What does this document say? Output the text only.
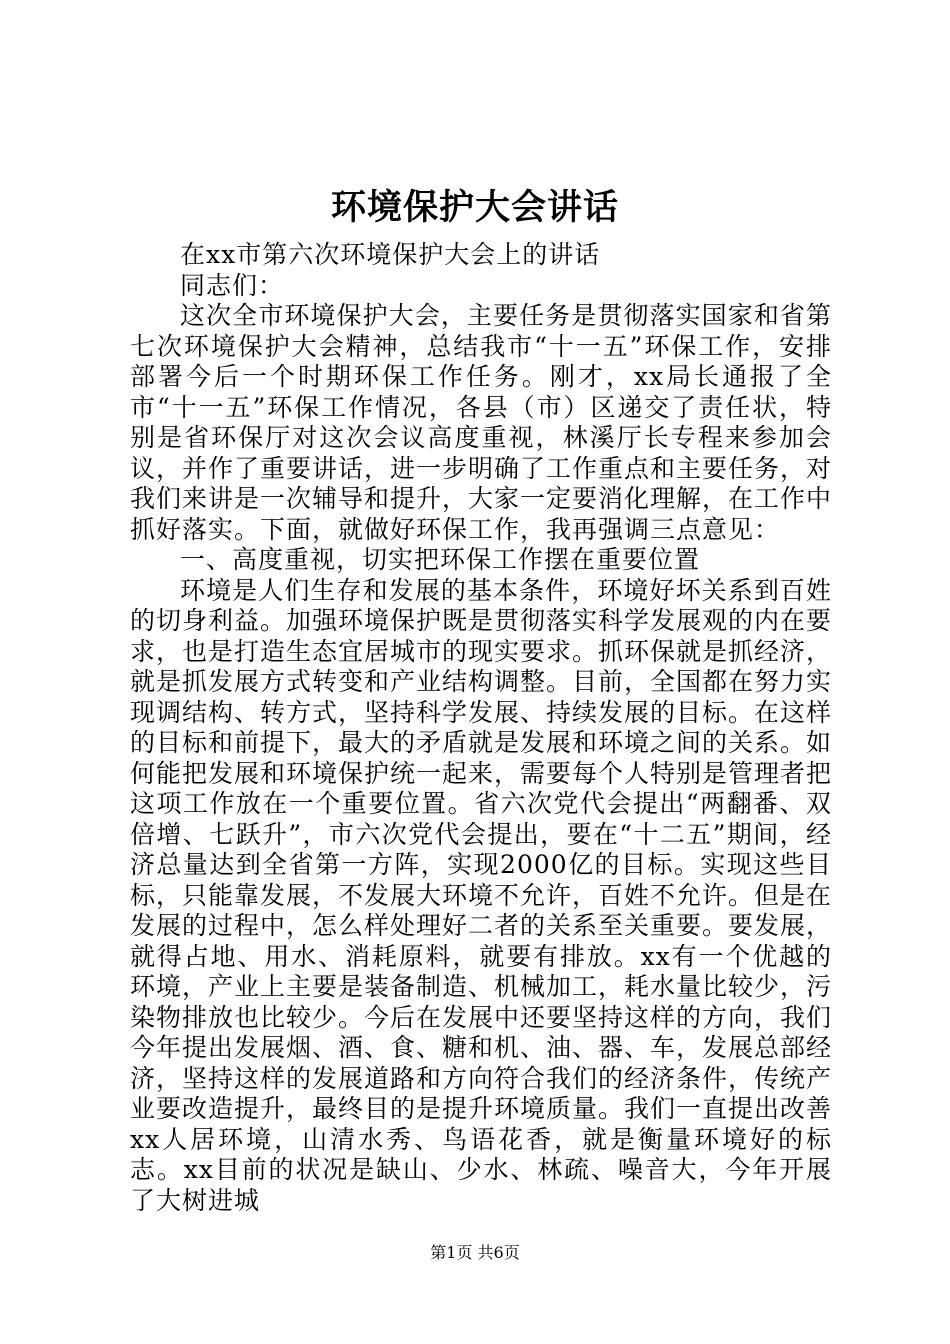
环境保护大会讲话

在xx市第六次环境保护大会上的讲话

同志们：

这次全市环境保护大会，主要任务是贯彻落实国家和省第七次环境保护大会精神，总结我市“十一五”环保工作，安排部署今后一个时期环保工作任务。刚才，xx局长通报了全市“十一五”环保工作情况，各县（市）区递交了责任状，特别是省环保厅对这次会议高度重视，林溪厅长专程来参加会议，并作了重要讲话，进一步明确了工作重点和主要任务，对我们来讲是一次辅导和提升，大家一定要消化理解，在工作中抓好落实。下面，就做好环保工作，我再强调三点意见：

一、高度重视，切实把环保工作摆在重要位置

环境是人们生存和发展的基本条件，环境好坏关系到百姓的切身利益。加强环境保护既是贯彻落实科学发展观的内在要求，也是打造生态宜居城市的现实要求。抓环保就是抓经济，就是抓发展方式转变和产业结构调整。目前，全国都在努力实现调结构、转方式，坚持科学发展、持续发展的目标。在这样的目标和前提下，最大的矛盾就是发展和环境之间的关系。如何能把发展和环境保护统一起来，需要每个人特别是管理者把这项工作放在一个重要位置。省六次党代会提出“两翻番、双倍增、七跃升”，市六次党代会提出，要在“十二五”期间，经济总量达到全省第一方阵，实现2000亿的目标。实现这些目标，只能靠发展，不发展大环境不允许，百姓不允许。但是在发展的过程中，怎么样处理好二者的关系至关重要。要发展，就得占地、用水、消耗原料，就要有排放。xx有一个优越的环境，产业上主要是装备制造、机械加工，耗水量比较少，污染物排放也比较少。今后在发展中还要坚持这样的方向，我们今年提出发展烟、酒、食、糖和机、油、器、车，发展总部经济，坚持这样的发展道路和方向符合我们的经济条件，传统产业要改造提升，最终目的是提升环境质量。我们一直提出改善xx人居环境，山清水秀、鸟语花香，就是衡量环境好的标志。xx目前的状况是缺山、少水、林疏、噪音大，今年开展了大树进城

第1页 共6页
